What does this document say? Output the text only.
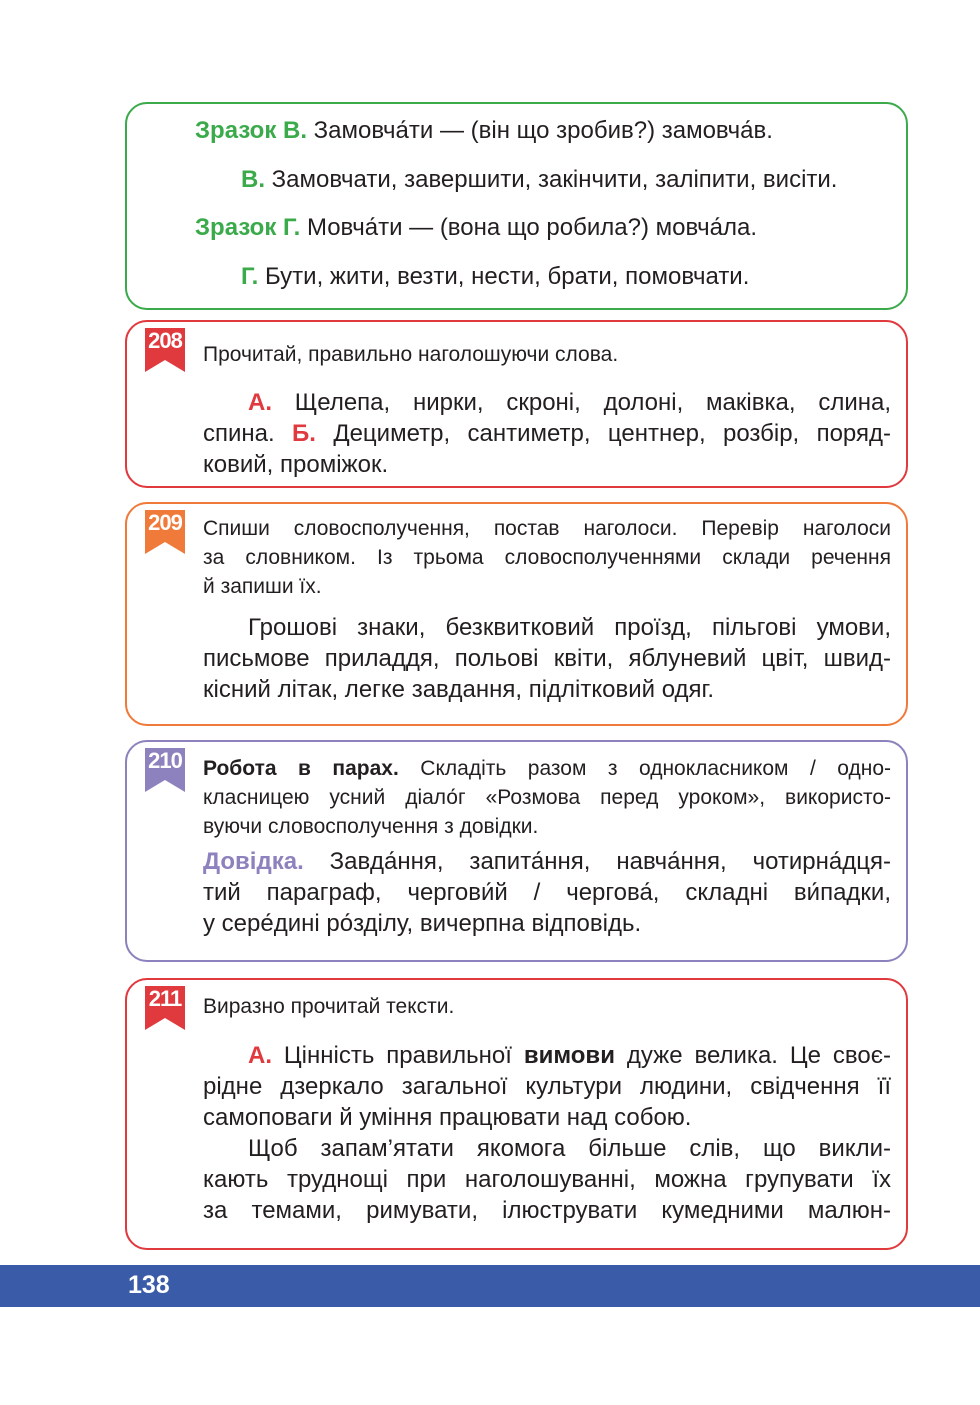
Зразок В. Замовча́ти — (він що зробив?) замовча́в.
В. Замовчати, завершити, закінчити, заліпити, висіти.
Зразок Г. Мовча́ти — (вона що робила?) мовча́ла.
Г. Бути, жити, везти, нести, брати, помовчати.
208
Прочитай, правильно наголошуючи слова.
А. Щелепа, нирки, скроні, долоні, маківка, слина,
спина. Б. Дециметр, сантиметр, центнер, розбір, поряд-
ковий, проміжок.
209 Спиши словосполучення, постав наголоси. Перевір наголоси
за словником. Із трьома словосполученнями склади речення
й запиши їх.
Грошові знаки, безквитковий проїзд, пільгові умови,
письмове приладдя, польові квіти, яблуневий цвіт, швид-
кісний літак, легке завдання, підлітковий одяг.
210 Робота в парах. Складіть разом з однокласником / одно-
класницею усний діало́г «Розмова перед уроком», використо-
вуючи словосполучення з довідки.
Довідка. Завда́ння, запита́ння, навча́ння, чотирна́дця-
тий параграф, чергови́й / чергова́, складні ви́падки,
у сере́дині ро́зділу, вичерпна відповідь.
211 Виразно прочитай тексти.
А. Цінність правильної вимови дуже велика. Це своє-
рідне дзеркало загальної культури людини, свідчення її
самоповаги й уміння працювати над собою.
Щоб запам’ятати якомога більше слів, що викли-
кають труднощі при наголошуванні, можна групувати їх
за темами, римувати, ілюструвати кумедними малюн-
138
